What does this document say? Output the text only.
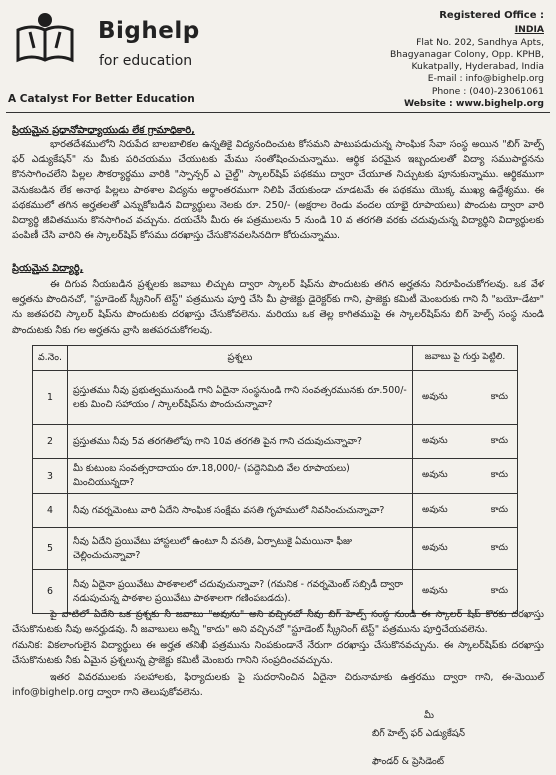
Bighelp
for education
A Catalyst For Better Education
Registered Office :
INDIA
Flat No. 202, Sandhya Apts,
Bhagyanagar Colony, Opp. KPHB,
Kukatpally, Hyderabad, India
E-mail : info@bighelp.org
Phone : (040)-23061061
Website : www.bighelp.org
ప్రియమైన ప్రధానోపాధ్యాయుడు లేక గ్రామాధికారి,
భారతదేశములోని నిరుపేద బాలబాలికల ఉన్నతికై విద్యనందించుట కోసమని పాటుపడుచున్న సాంఘిక సేవా సంస్థ అయిన "బిగ్ హెల్ప్ ఫర్ ఎడ్యుకేషన్" ను మీకు పరిచయము చేయుటకు మేము సంతోషించుచున్నాము. ఆర్థిక పరమైన ఇబ్బందులతో విద్యా సముపార్జనను కొనసాగించలేని పిల్లల సౌకర్యార్థము వారికి "స్పాన్సర్ ఎ చైల్డ్" స్కాలర్‌షిప్ పథకము ద్వారా చేయూత నిచ్చుటకు పూనుకున్నాము. ఆర్థికముగా వెనుకబడిన లేక అనాథ పిల్లలు పాఠశాల విద్యను అర్థాంతరముగా నిలిపి వేయకుండా చూడటమే ఈ పథకము యొక్క ముఖ్య ఉద్దేశ్యము. ఈ పథకములో తగిన అర్హతలతో ఎన్నుకోబడిన విద్యార్థులు నెలకు రూ. 250/- (అక్షరాల రెండు వందల యాభై రూపాయలు) పొందుట ద్వారా వారి విద్యార్థి జీవితమును కొనసాగించ వచ్చును. దయచేసి మీరు ఈ పత్రములను 5 నుండి 10 వ తరగతి వరకు చదువుచున్న విద్యార్థిని విద్యార్థులకు పంపిణీ చేసి వారిని ఈ స్కాలర్‌షిప్ కోసము దరఖాస్తు చేసుకొనవలసినదిగా కోరుచున్నాము.
ప్రియమైన విద్యార్థి,
ఈ దిగువ నీయబడిన ప్రశ్నలకు జవాబు లిచ్చుట ద్వారా స్కాలర్ షిప్‌ను పొందుటకు తగిన అర్హతను నిరూపించుకోగలవు. ఒక వేళ అర్హతను పొందినచో, "స్టూడెంట్ స్క్రీనింగ్ టెస్ట్" పత్రమును పూర్తి చేసి మీ ప్రాజెక్టు డైరెక్టర్‌కు గాని, ప్రాజెక్టు కమిటీ మెంబరుకు గాని నీ "బయో-డేటా" ను జతపరచి స్కాలర్ షిప్‌ను పొందుటకు దరఖాస్తు చేసుకోవలెను. మరియు ఒక తెల్ల కాగితముపై ఈ స్కాలర్‌షిప్‌ను బిగ్ హెల్ప్ సంస్థ నుండి పొందుటకు నీకు గల అర్హతను వ్రాసి జతపరచుకోగలవు.
వ.నెం.	ప్రశ్నలు	జవాబు పై గుర్తు పెట్టిలి.
1	ప్రస్తుతము నీవు ప్రభుత్వమునుండి గాని ఏదైనా సంస్థనుండి గాని సంవత్సరమునకు రూ.500/- లకు మించి సహాయం / స్కాలర్‌షిప్‌ను పొందుచున్నావా?	అవును కాదు

2	ప్రస్తుతము నీవు 5వ తరగతిలోపు గాని 10వ తరగతి పైన గాని చదువుచున్నావా?	అవును కాదు

3	మీ కుటుంబ సంవత్సరాదాయం రూ.18,000/- (పద్దెనిమిది వేల రూపాయలు) మించియున్నదా?	అవును కాదు

4	నీవు గవర్నమెంటు వారి ఏదేని సాంఘిక సంక్షేమ వసతి గృహములో నివసించుచున్నావా?	అవును కాదు

5	నీవు ఏదేని ప్రయివేటు హాస్టలులో ఉంటూ నీ వసతి, ఏర్పాటుకై ఏమయినా ఫీజు చెల్లించుచున్నావా?	అవును కాదు

6	నీవు ఏదైనా ప్రయివేటు పాఠశాలలో చదువుచున్నావా? (గమనిక - గవర్నమెంట్ సబ్సిడీ ద్వారా నడుపుచున్న పాఠశాల ప్రయివేటు పాఠశాలగా గణింపబడదు).	అవును కాదు
పై వాటిలో ఏదేని ఒక ప్రశ్నకు నీ జవాబు "అవును" అని వచ్చినచో నీవు బిగ్ హెల్ప్ సంస్థ నుండి ఈ స్కాలర్ షిప్ కొరకు దరఖాస్తు చేసుకొనుటకు నీవు అనర్హుడవు. నీ జవాబులు అన్నీ "కాదు" అని వచ్చినచో "స్టూడెంట్ స్క్రీనింగ్ టెస్ట్" పత్రమును పూర్తిచేయవలెను.
గమనిక: వికలాంగులైన విద్యార్థులు ఈ అర్హత తనిఖీ పత్రమును నింపకుండానే నేరుగా దరఖాస్తు చేసుకొనవచ్చును. ఈ స్కాలర్‌షిప్‌కు దరఖాస్తు చేసుకొనుటకు నీకు ఏమైన ప్రశ్నలున్న ప్రాజెక్టు కమిటీ మెంబరు గానిని సంప్రదించవచ్చును.
ఇతర వివరములకు సలహాలకు, ఫిర్యాదులకు పై సుదరానించిన ఏదైనా చిరునామాకు ఉత్తరము ద్వారా గాని, ఈ-మెయిల్ info@bighelp.org ద్వారా గాని తెలుపుకోవలెను.
మీ
బిగ్ హెల్ప్ ఫర్ ఎడ్యుకేషన్
ఫౌండర్ & ప్రెసిడెంట్
